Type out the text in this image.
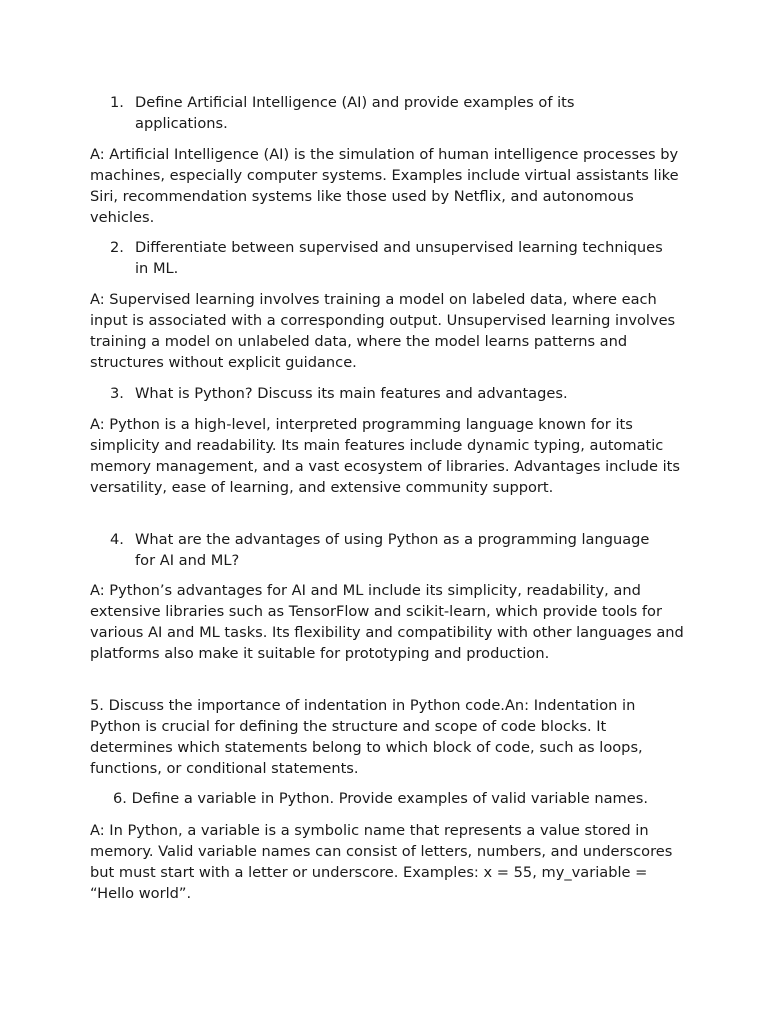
1. Define Artificial Intelligence (AI) and provide examples of its applications.
A: Artificial Intelligence (AI) is the simulation of human intelligence processes by machines, especially computer systems. Examples include virtual assistants like Siri, recommendation systems like those used by Netflix, and autonomous vehicles.
2. Differentiate between supervised and unsupervised learning techniques in ML.
A: Supervised learning involves training a model on labeled data, where each input is associated with a corresponding output. Unsupervised learning involves training a model on unlabeled data, where the model learns patterns and structures without explicit guidance.
3. What is Python? Discuss its main features and advantages.
A: Python is a high-level, interpreted programming language known for its simplicity and readability. Its main features include dynamic typing, automatic memory management, and a vast ecosystem of libraries. Advantages include its versatility, ease of learning, and extensive community support.
4. What are the advantages of using Python as a programming language for AI and ML?
A: Python’s advantages for AI and ML include its simplicity, readability, and extensive libraries such as TensorFlow and scikit-learn, which provide tools for various AI and ML tasks. Its flexibility and compatibility with other languages and platforms also make it suitable for prototyping and production.
5. Discuss the importance of indentation in Python code.An: Indentation in Python is crucial for defining the structure and scope of code blocks. It determines which statements belong to which block of code, such as loops, functions, or conditional statements.
6. Define a variable in Python. Provide examples of valid variable names.
A: In Python, a variable is a symbolic name that represents a value stored in memory. Valid variable names can consist of letters, numbers, and underscores but must start with a letter or underscore. Examples: x = 55, my_variable = “Hello world”.
